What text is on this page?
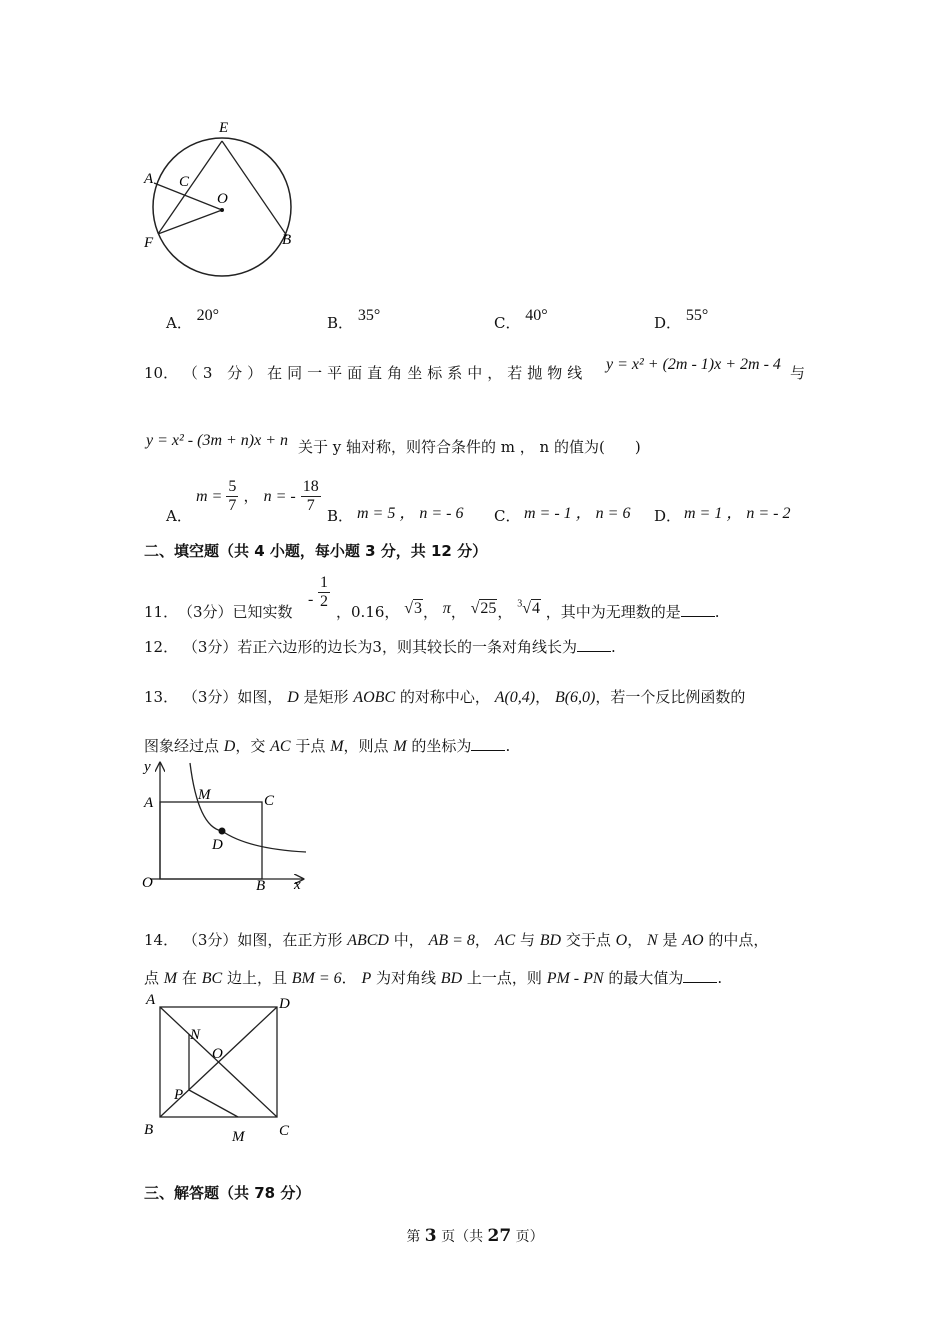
E
A C
O
F	B
A． 20°	B． 35°	C． 40°	D． 55°
10． （3 分）在同一平面直角坐标系中，若抛物线 y = x² + (2m - 1)x + 2m - 4 与
y = x² - (3m + n)x + n 关于 y 轴对称，则符合条件的 m ， n 的值为(　　)
A．
$m = \frac{5}{7}$ ， n = - $\frac{18}{7}$
B． m = 5 ， n = - 6 C． m = - 1 ， n = 6 D． m = 1 ， n = - 2
二、填空题（共 4 小题，每小题 3 分，共 12 分）
11． （3分）已知实数
- $\frac{1}{2}$
，0.16， √3， π， √25， $^3$√4 ，其中为无理数的是 .
12． （3分）若正六边形的边长为3，则其较长的一条对角线长为 .
13． （3分）如图， D 是矩形 AOBC 的对称中心， A(0,4)， B(6,0)，若一个反比例函数的
图象经过点 D，交 AC 于点 M，则点 M 的坐标为 .
y
A	M	C
D
O	B x
14． （3分）如图，在正方形 ABCD 中， AB = 8， AC 与 BD 交于点 O， N 是 AO 的中点，
点 M 在 BC 边上，且 BM = 6． P 为对角线 BD 上一点，则 PM - PN 的最大值为 .
A	D
N
O
P
B	M C
三、解答题（共 78 分）
第 3 页（共 27 页）
